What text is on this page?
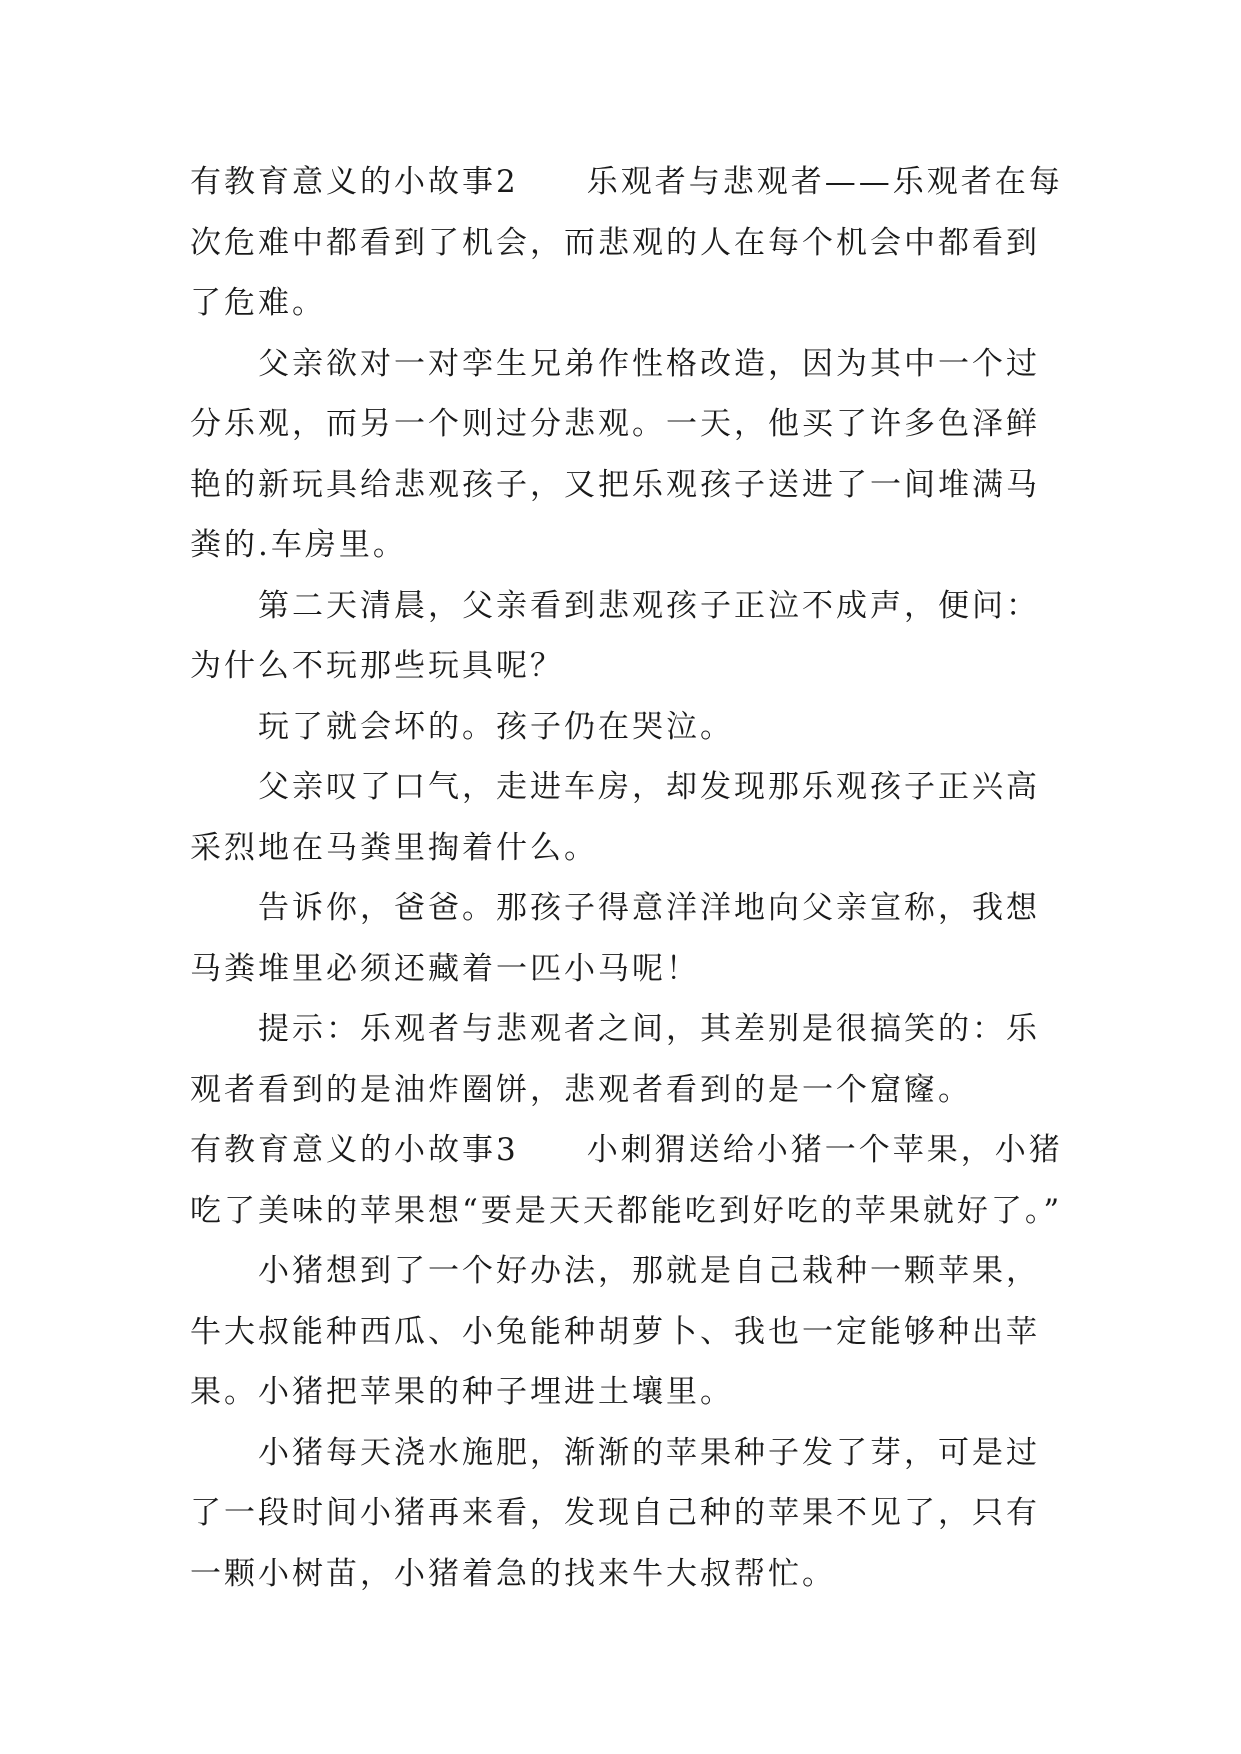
有教育意义的小故事2　　乐观者与悲观者——乐观者在每次危难中都看到了机会，而悲观的人在每个机会中都看到了危难。

父亲欲对一对孪生兄弟作性格改造，因为其中一个过分乐观，而另一个则过分悲观。一天，他买了许多色泽鲜艳的新玩具给悲观孩子，又把乐观孩子送进了一间堆满马粪的.车房里。

第二天清晨，父亲看到悲观孩子正泣不成声，便问：为什么不玩那些玩具呢？

玩了就会坏的。孩子仍在哭泣。

父亲叹了口气，走进车房，却发现那乐观孩子正兴高采烈地在马粪里掏着什么。

告诉你，爸爸。那孩子得意洋洋地向父亲宣称，我想马粪堆里必须还藏着一匹小马呢！

提示：乐观者与悲观者之间，其差别是很搞笑的：乐观者看到的是油炸圈饼，悲观者看到的是一个窟窿。

有教育意义的小故事3　　小刺猬送给小猪一个苹果，小猪吃了美味的苹果想“要是天天都能吃到好吃的苹果就好了。”

小猪想到了一个好办法，那就是自己栽种一颗苹果，牛大叔能种西瓜、小兔能种胡萝卜、我也一定能够种出苹果。小猪把苹果的种子埋进土壤里。

小猪每天浇水施肥，渐渐的苹果种子发了芽，可是过了一段时间小猪再来看，发现自己种的苹果不见了，只有一颗小树苗，小猪着急的找来牛大叔帮忙。
